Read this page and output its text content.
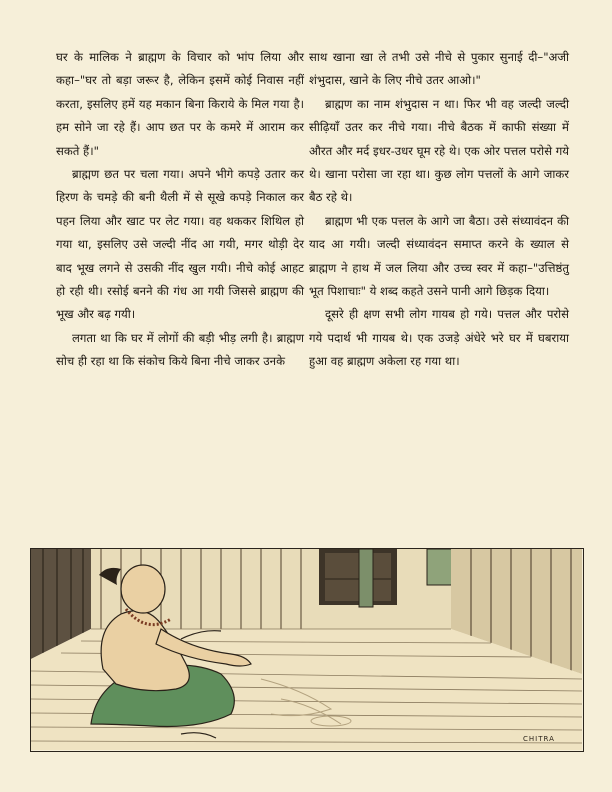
घर के मालिक ने ब्राह्मण के विचार को भांप लिया और कहा–"घर तो बड़ा जरूर है, लेकिन इसमें कोई निवास नहीं करता, इसलिए हमें यह मकान बिना किराये के मिल गया है। हम सोने जा रहे हैं। आप छत पर के कमरे में आराम कर सकते हैं।"

ब्राह्मण छत पर चला गया। अपने भीगे कपड़े उतार कर हिरण के चमड़े की बनी थैली में से सूखे कपड़े निकाल कर पहन लिया और खाट पर लेट गया। वह थककर शिथिल हो गया था, इसलिए उसे जल्दी नींद आ गयी, मगर थोड़ी देर बाद भूख लगने से उसकी नींद खुल गयी। नीचे कोई आहट हो रही थी। रसोई बनने की गंध आ गयी जिससे ब्राह्मण की भूख और बढ़ गयी।

लगता था कि घर में लोगों की बड़ी भीड़ लगी है। ब्राह्मण सोच ही रहा था कि संकोच किये बिना नीचे जाकर उनके

साथ खाना खा ले तभी उसे नीचे से पुकार सुनाई दी–"अजी शंभुदास, खाने के लिए नीचे उतर आओ।"

ब्राह्मण का नाम शंभुदास न था। फिर भी वह जल्दी जल्दी सीढ़ियाँ उतर कर नीचे गया। नीचे बैठक में काफी संख्या में औरत और मर्द इधर-उधर घूम रहे थे। एक ओर पत्तल परोसे गये थे। खाना परोसा जा रहा था। कुछ लोग पत्तलों के आगे जाकर बैठ रहे थे।

ब्राह्मण भी एक पत्तल के आगे जा बैठा। उसे संध्यावंदन की याद आ गयी। जल्दी संध्यावंदन समाप्त करने के ख्याल से ब्राह्मण ने हाथ में जल लिया और उच्च स्वर में कहा–"उत्तिष्ठंतु भूत पिशाचाः" ये शब्द कहते उसने पानी आगे छिड़क दिया।

दूसरे ही क्षण सभी लोग गायब हो गये। पत्तल और परोसे गये पदार्थ भी गायब थे। एक उजड़े अंधेरे भरे घर में घबराया हुआ वह ब्राह्मण अकेला रह गया था।

CHITRA
